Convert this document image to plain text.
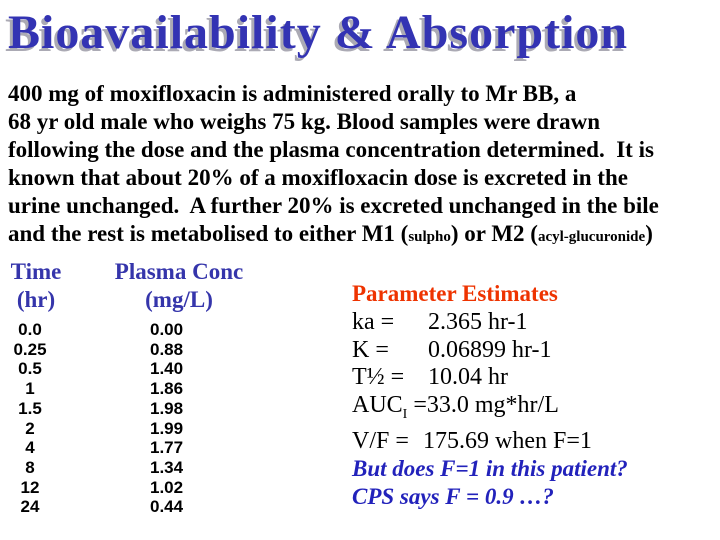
Bioavailability & Absorption
400 mg of moxifloxacin is administered orally to Mr BB, a
68 yr old male who weighs 75 kg. Blood samples were drawn
following the dose and the plasma concentration determined.  It is
known that about 20% of a moxifloxacin dose is excreted in the
urine unchanged.  A further 20% is excreted unchanged in the bile
and the rest is metabolised to either M1 (sulpho) or M2 (acyl-glucuronide)
Time
(hr)
Plasma Conc
(mg/L)
0.0	0.00
0.25	0.88
0.5	1.40
1	1.86
1.5	1.98
2	1.99
4	1.77
8	1.34
12	1.02
24	0.44
Parameter Estimates
ka =	2.365 hr-1
K =	0.06899 hr-1
T½ = 10.04 hr
$AUC_I =33.0$ mg*hr/L
V/F = 175.69 when F=1
But does F=1 in this patient?
CPS says F = 0.9 …?
